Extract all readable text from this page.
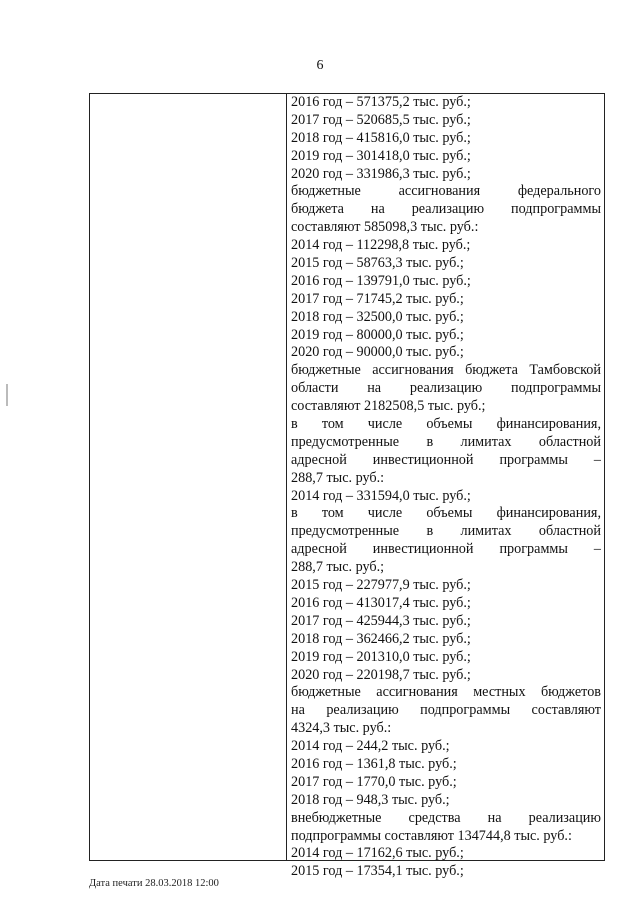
6
2016 год – 571375,2 тыс. руб.;
2017 год – 520685,5 тыс. руб.;
2018 год – 415816,0 тыс. руб.;
2019 год – 301418,0 тыс. руб.;
2020 год – 331986,3 тыс. руб.;
бюджетные ассигнования федерального
бюджета на реализацию подпрограммы
составляют 585098,3 тыс. руб.:
2014 год – 112298,8 тыс. руб.;
2015 год – 58763,3 тыс. руб.;
2016 год – 139791,0 тыс. руб.;
2017 год – 71745,2 тыс. руб.;
2018 год – 32500,0 тыс. руб.;
2019 год – 80000,0 тыс. руб.;
2020 год – 90000,0 тыс. руб.;
бюджетные ассигнования бюджета Тамбовской
области на реализацию подпрограммы
составляют 2182508,5 тыс. руб.;
в том числе объемы финансирования,
предусмотренные в лимитах областной
адресной инвестиционной программы –
288,7 тыс. руб.:
2014 год – 331594,0 тыс. руб.;
в том числе объемы финансирования,
предусмотренные в лимитах областной
адресной инвестиционной программы –
288,7 тыс. руб.;
2015 год – 227977,9 тыс. руб.;
2016 год – 413017,4 тыс. руб.;
2017 год – 425944,3 тыс. руб.;
2018 год – 362466,2 тыс. руб.;
2019 год – 201310,0 тыс. руб.;
2020 год – 220198,7 тыс. руб.;
бюджетные ассигнования местных бюджетов
на реализацию подпрограммы составляют
4324,3 тыс. руб.:
2014 год – 244,2 тыс. руб.;
2016 год – 1361,8 тыс. руб.;
2017 год – 1770,0 тыс. руб.;
2018 год – 948,3 тыс. руб.;
внебюджетные средства на реализацию
подпрограммы составляют 134744,8 тыс. руб.:
2014 год – 17162,6 тыс. руб.;
2015 год – 17354,1 тыс. руб.;
Дата печати 28.03.2018 12:00
